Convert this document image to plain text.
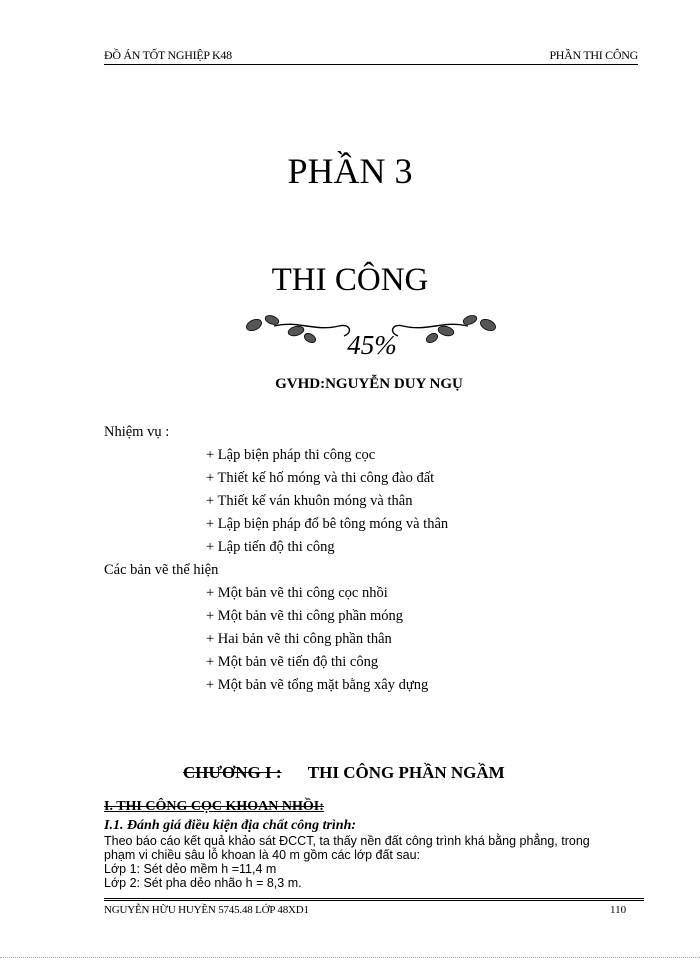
ĐỒ ÁN TỐT NGHIỆP K48	PHẦN THI CÔNG
PHẦN 3
THI CÔNG
45%
GVHD:NGUYỄN DUY NGỤ
Nhiệm vụ :
+ Lập biện pháp thi công cọc
+ Thiết kế hố móng và thi công đào đất
+ Thiết kế ván khuôn móng và thân
+ Lập biện pháp đổ bê tông móng và thân
+ Lập tiến độ thi công
Các bản vẽ thể hiện
+ Một bản vẽ thi công cọc nhồi
+ Một bản vẽ thi công phần móng
+ Hai bản vẽ thi công phần thân
+ Một bản vẽ tiến độ thi công
+ Một bản vẽ tổng mặt bằng xây dựng
CHƯƠNG I : THI CÔNG PHẦN NGẦM
I. THI CÔNG CỌC KHOAN NHỒI:
I.1. Đánh giá điều kiện địa chất công trình:
Theo báo cáo kết quả khảo sát ĐCCT, ta thấy nền đất công trình khá bằng phẳng, trong
phạm vi chiều sâu lỗ khoan là 40 m gồm các lớp đất sau:
Lớp 1: Sét dẻo mềm h =11,4 m
Lớp 2: Sét pha dẻo nhão h = 8,3 m.
NGUYỄN HỮU HUYỀN 5745.48 LỚP 48XD1	110
